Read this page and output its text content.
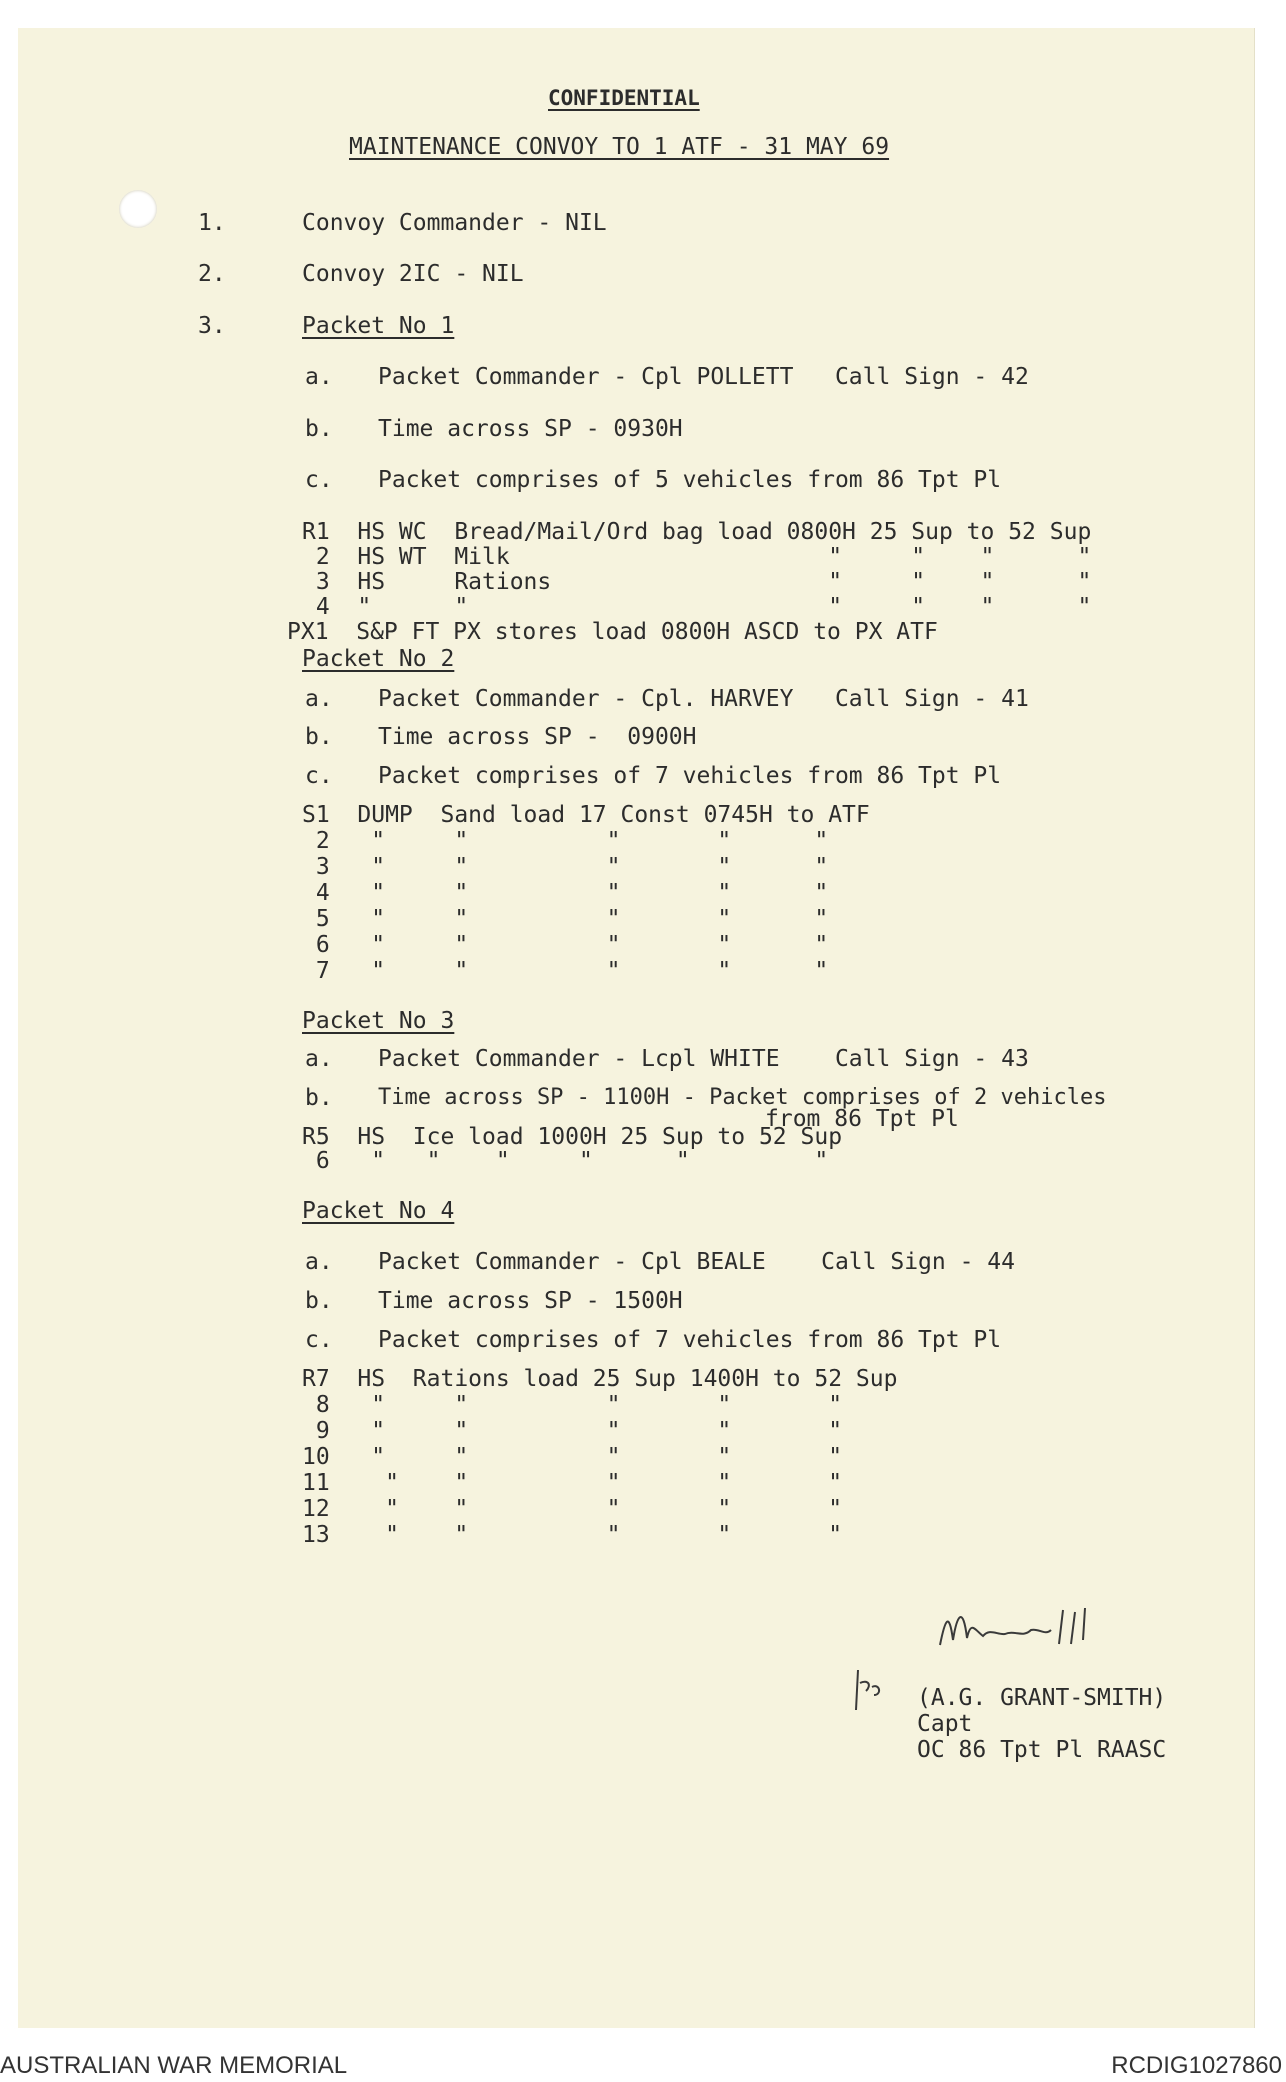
CONFIDENTIAL
MAINTENANCE CONVOY TO 1 ATF - 31 MAY 69
1.	Convoy Commander - NIL
2.	Convoy 2IC - NIL
3.	Packet No 1
a. Packet Commander - Cpl POLLETT   Call Sign - 42
b. Time across SP - 0930H
c. Packet comprises of 5 vehicles from 86 Tpt Pl
R1  HS WC  Bread/Mail/Ord bag load 0800H 25 Sup to 52 Sup
2  HS WT  Milk                       "     "    "      "
3  HS     Rations                    "     "    "      "
4  "      "                          "     "    "      "
PX1  S&P FT PX stores load 0800H ASCD to PX ATF
Packet No 2
a. Packet Commander - Cpl. HARVEY   Call Sign - 41
b. Time across SP -  0900H
c. Packet comprises of 7 vehicles from 86 Tpt Pl
S1  DUMP  Sand load 17 Const 0745H to ATF
2   "     "          "       "      "
3   "     "          "       "      "
4   "     "          "       "      "
5   "     "          "       "      "
6   "     "          "       "      "
7   "     "          "       "      "
Packet No 3
a. Packet Commander - Lcpl WHITE    Call Sign - 43
b. Time across SP - 1100H - Packet comprises of 2 vehicles
from 86 Tpt Pl
R5  HS  Ice load 1000H 25 Sup to 52 Sup
6   "   "    "     "      "         "
Packet No 4
a. Packet Commander - Cpl BEALE    Call Sign - 44
b. Time across SP - 1500H
c. Packet comprises of 7 vehicles from 86 Tpt Pl
R7  HS  Rations load 25 Sup 1400H to 52 Sup
8   "     "          "       "       "
9   "     "          "       "       "
10   "     "          "       "       "
11    "    "          "       "       "
12    "    "          "       "       "
13    "    "          "       "       "
(A.G. GRANT-SMITH)
Capt
OC 86 Tpt Pl RAASC
AUSTRALIAN WAR MEMORIAL	RCDIG1027860
